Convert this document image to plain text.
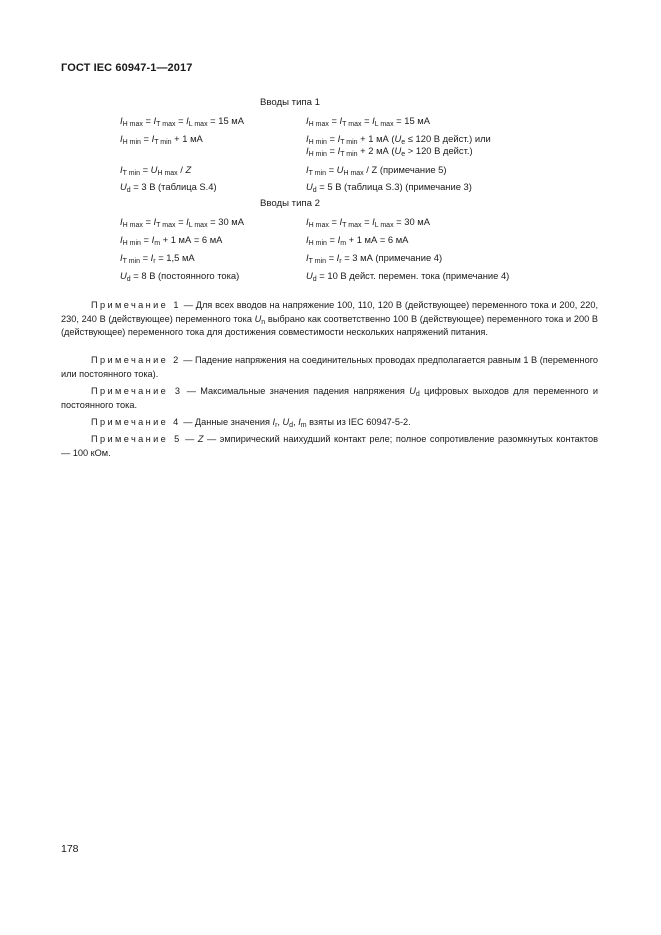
ГОСТ IEC 60947-1—2017
Вводы типа 1
$I_{H max} = I_{T max} = I_{L max} = 15$ мА	$I_{H max} = I_{T max} = I_{L max} = 15$ мА
$I_{H min} = I_{T min} + 1$ мА	$I_{H min} = I_{T min} + 1$ мА ($U_e \le 120$ В дейст.) или
$I_{H min} = I_{T min} + 2$ мА ($U_e > 120$ В дейст.)
$I_{T min} = U_{H max} / Z$	$I_{T min} = U_{H max} / Z$ (примечание 5)
$U_d = 3$ В (таблица S.4)	$U_d = 5$ В (таблица S.3) (примечание 3)
Вводы типа 2
$I_{H max} = I_{T max} = I_{L max} = 30$ мА	$I_{H max} = I_{T max} = I_{L max} = 30$ мА
$I_{H min} = I_m + 1$ мА = 6 мА	$I_{H min} = I_m + 1$ мА = 6 мА
$I_{T min} = I_r = 1,5$ мА	$I_{T min} = I_r = 3$ мА (примечание 4)
$U_d = 8$ В (постоянного тока)	$U_d = 10$ В дейст. перемен. тока (примечание 4)
Примечание 1 — Для всех вводов на напряжение 100, 110, 120 В (действующее) переменного тока и 200, 220, 230, 240 В (действующее) переменного тока $U_n$ выбрано как соответственно 100 В (действующее) переменного тока и 200 В (действующее) переменного тока для достижения совместимости нескольких напряжений питания.
Примечание 2 — Падение напряжения на соединительных проводах предполагается равным 1 В (переменного или постоянного тока).
Примечание 3 — Максимальные значения падения напряжения $U_d$ цифровых выходов для переменного и постоянного тока.
Примечание 4 — Данные значения $I_r$, $U_d$, $I_m$ взяты из IEC 60947-5-2.
Примечание 5 — Z — эмпирический наихудший контакт реле; полное сопротивление разомкнутых контактов — 100 кОм.
178
